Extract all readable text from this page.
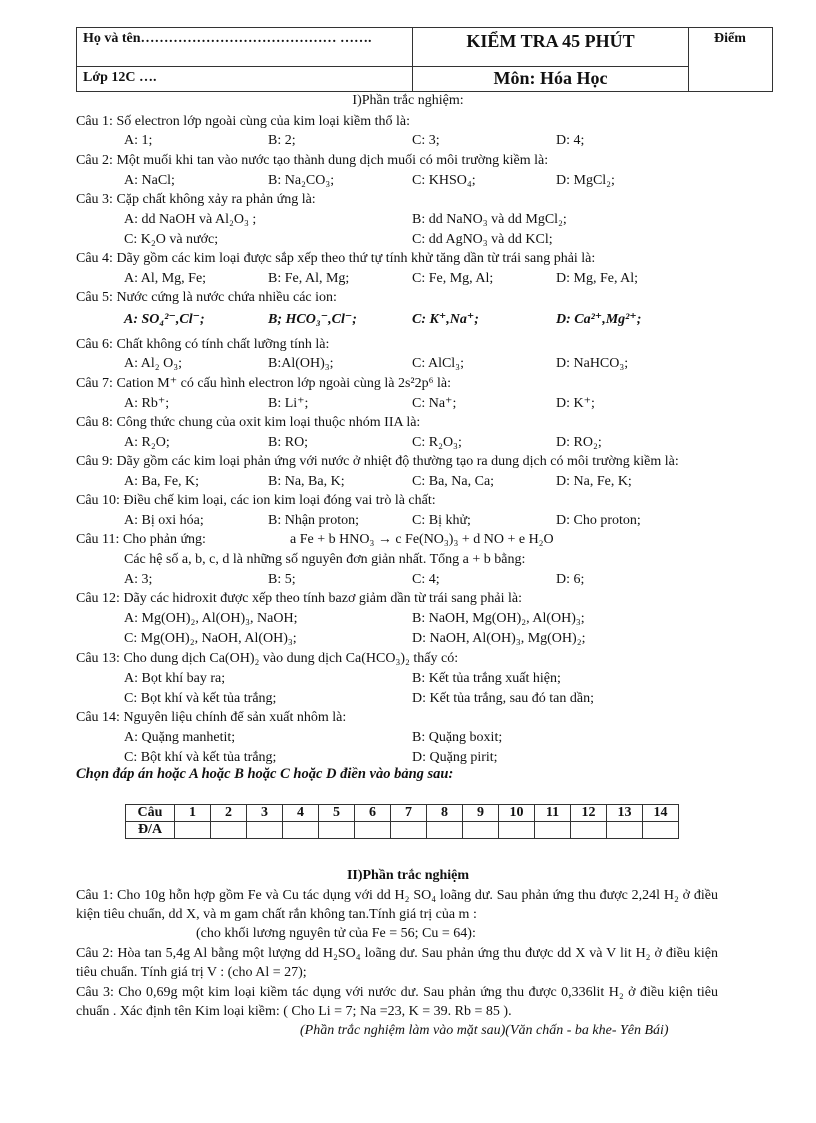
Họ và tên…………………………………… …….
Lớp 12C ….
KIỂM TRA 45 PHÚT
Môn: Hóa Học
Điểm
I)Phần trắc nghiệm:
Câu 1: Số electron lớp ngoài cùng của kim loại kiềm thổ là:
A: 1;	B: 2;	C: 3;	D: 4;
Câu 2: Một muối khi tan vào nước tạo thành dung dịch muối có môi trường kiềm là:
A: NaCl;	B: Na₂CO₃;	C: KHSO₄;	D: MgCl₂;
Câu 3: Cặp chất không xảy ra phản ứng là:
A: dd NaOH và Al₂O₃ ;	B: dd NaNO₃ và dd MgCl₂;
C: K₂O và nước;	C: dd AgNO₃ và dd KCl;
Câu 4: Dãy gồm các kim loại được sắp xếp theo thứ tự tính khử tăng dần từ trái sang phải là:
A: Al, Mg, Fe;	B: Fe, Al, Mg;	C: Fe, Mg, Al;	D: Mg, Fe, Al;
Câu 5: Nước cứng là nước chứa nhiều các ion:
A: SO₄²⁻,Cl⁻;	B; HCO₃⁻,Cl⁻;	C: K⁺,Na⁺;	D: Ca²⁺,Mg²⁺;
Câu 6: Chất không có tính chất lưỡng tính là:
A: Al₂ O₃;	B:Al(OH)₃;	C: AlCl₃;	D: NaHCO₃;
Câu 7: Cation M⁺ có cấu hình electron lớp ngoài cùng là 2s²2p⁶ là:
A: Rb⁺;	B: Li⁺;	C: Na⁺;	D: K⁺;
Câu 8: Công thức chung của oxit kim loại thuộc nhóm IIA là:
A: R₂O;	B: RO;	C: R₂O₃;	D: RO₂;
Câu 9: Dãy gồm các kim loại phản ứng với nước ở nhiệt độ thường tạo ra dung dịch có môi trường kiềm là:
A: Ba, Fe, K;	B: Na, Ba, K;	C: Ba, Na, Ca;	D: Na, Fe, K;
Câu 10: Điều chế kim loại, các ion kim loại đóng vai trò là chất:
A: Bị oxi hóa;	B: Nhận proton;	C: Bị khử;	D: Cho proton;
Câu 11: Cho phản ứng:	a Fe + b HNO₃ → c Fe(NO₃)₃ + d NO + e H₂O
Các hệ số a, b, c, d là những số nguyên đơn giản nhất. Tổng a + b bằng:
A: 3;	B: 5;	C: 4;	D: 6;
Câu 12: Dãy các hidroxit được xếp theo tính bazơ giảm dần từ trái sang phải là:
A: Mg(OH)₂, Al(OH)₃, NaOH;	B: NaOH, Mg(OH)₂, Al(OH)₃;
C: Mg(OH)₂, NaOH, Al(OH)₃;	D: NaOH, Al(OH)₃, Mg(OH)₂;
Câu 13: Cho dung dịch Ca(OH)₂ vào dung dịch Ca(HCO₃)₂ thấy có:
A: Bọt khí bay ra;	B: Kết tủa trắng xuất hiện;
C: Bọt khí và kết tủa trắng;	D: Kết tủa trắng, sau đó tan dần;
Câu 14: Nguyên liệu chính để sản xuất nhôm là:
A: Quặng manhetit;	B: Quặng boxit;
C: Bột khí và kết tủa trắng;	D: Quặng pirit;
Chọn đáp án hoặc A hoặc B hoặc C hoặc D điền vào bảng sau:
Câu	1	2	3	4	5	6	7	8	9	10	11	12	13	14
Đ/A														
II)Phần trắc nghiệm
Câu 1: Cho 10g hỗn hợp gồm Fe và Cu tác dụng với dd H₂ SO₄ loãng dư. Sau phản ứng thu được 2,24l H₂ ở điều kiện tiêu chuẩn, dd X, và m gam chất rắn không tan.Tính giá trị của m :
(cho khối lương nguyên tử của Fe = 56; Cu = 64):
Câu 2: Hòa tan 5,4g Al bằng một lượng dd H₂SO₄ loãng dư. Sau phản ứng thu được dd X và V lit H₂ ở điều kiện tiêu chuẩn. Tính giá trị V : (cho Al = 27);
Câu 3: Cho 0,69g một kim loại kiềm tác dụng với nước dư. Sau phản ứng thu được 0,336lit H₂ ở điều kiện tiêu chuẩn . Xác định tên Kim loại kiềm: ( Cho Li = 7; Na =23, K = 39. Rb = 85 ).
(Phần trắc nghiệm làm vào mặt sau)(Văn chấn - ba khe- Yên Bái)
